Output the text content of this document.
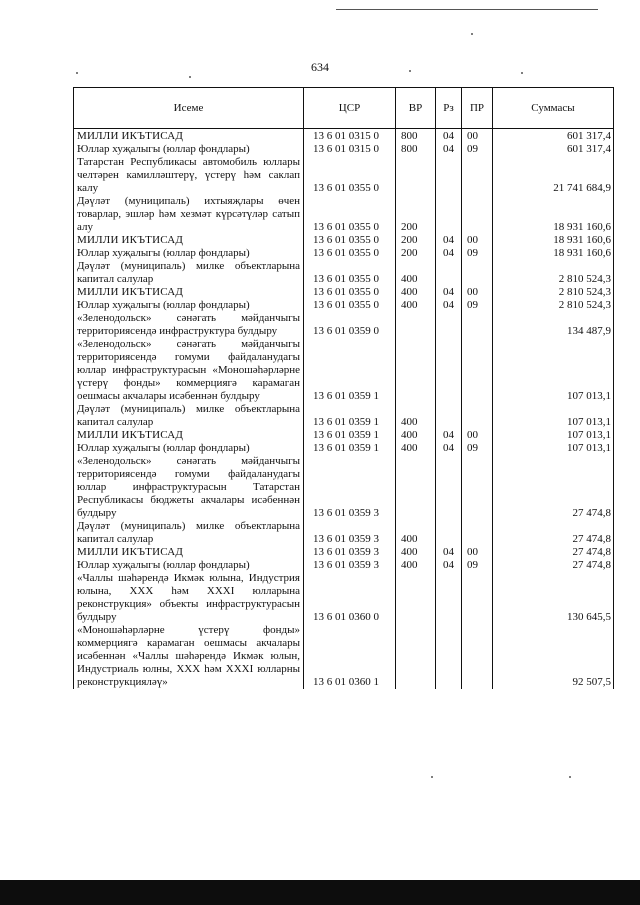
634
Исеме	ЦСР	ВР	Рз	ПР	Суммасы
МИЛЛИ ИКЪТИСАД	13 6 01 0315 0	800	04	00	601 317,4
Юллар хуҗалыгы (юллар фондлары)	13 6 01 0315 0	800	04	09	601 317,4
Татарстан Республикасы автомобиль юллары челтәрен камилләштерү, үстерү һәм саклап калу	13 6 01 0355 0				21 741 684,9
Дәүләт (муниципаль) ихтыяҗлары өчен товарлар, эшләр һәм хезмәт күрсәтүләр сатып алу	13 6 01 0355 0	200			18 931 160,6
МИЛЛИ ИКЪТИСАД	13 6 01 0355 0	200	04	00	18 931 160,6
Юллар хуҗалыгы (юллар фондлары)	13 6 01 0355 0	200	04	09	18 931 160,6
Дәүләт (муниципаль) милке объектларына капитал салулар	13 6 01 0355 0	400			2 810 524,3
МИЛЛИ ИКЪТИСАД	13 6 01 0355 0	400	04	00	2 810 524,3
Юллар хуҗалыгы (юллар фондлары)	13 6 01 0355 0	400	04	09	2 810 524,3
«Зеленодольск» сәнәгать мәйданчыгы территориясендә инфраструктура булдыру	13 6 01 0359 0				134 487,9
«Зеленодольск» сәнәгать мәйданчыгы территориясендә гомуми файдаланудагы юллар инфраструктурасын «Моношәһәрләрне үстерү фонды» коммерциягә карамаган оешмасы акчалары исәбеннән булдыру	13 6 01 0359 1				107 013,1
Дәүләт (муниципаль) милке объектларына капитал салулар	13 6 01 0359 1	400			107 013,1
МИЛЛИ ИКЪТИСАД	13 6 01 0359 1	400	04	00	107 013,1
Юллар хуҗалыгы (юллар фондлары)	13 6 01 0359 1	400	04	09	107 013,1
«Зеленодольск» сәнәгать мәйданчыгы территориясендә гомуми файдаланудагы юллар инфраструктурасын Татарстан Республикасы бюджеты акчалары исәбеннән булдыру	13 6 01 0359 3				27 474,8
Дәүләт (муниципаль) милке объектларына капитал салулар	13 6 01 0359 3	400			27 474,8
МИЛЛИ ИКЪТИСАД	13 6 01 0359 3	400	04	00	27 474,8
Юллар хуҗалыгы (юллар фондлары)	13 6 01 0359 3	400	04	09	27 474,8
«Чаллы шәһәрендә Икмәк юлына, Индустрия юлына, XXX һәм XXXI юлларына реконструкция» объекты инфраструктурасын булдыру	13 6 01 0360 0				130 645,5
«Моношәһәрләрне үстерү фонды» коммерциягә карамаган оешмасы акчалары исәбеннән «Чаллы шәһәрендә Икмәк юлын, Индустриаль юлны, XXX һәм XXXI юлларны реконструкцияләү»	13 6 01 0360 1				92 507,5
